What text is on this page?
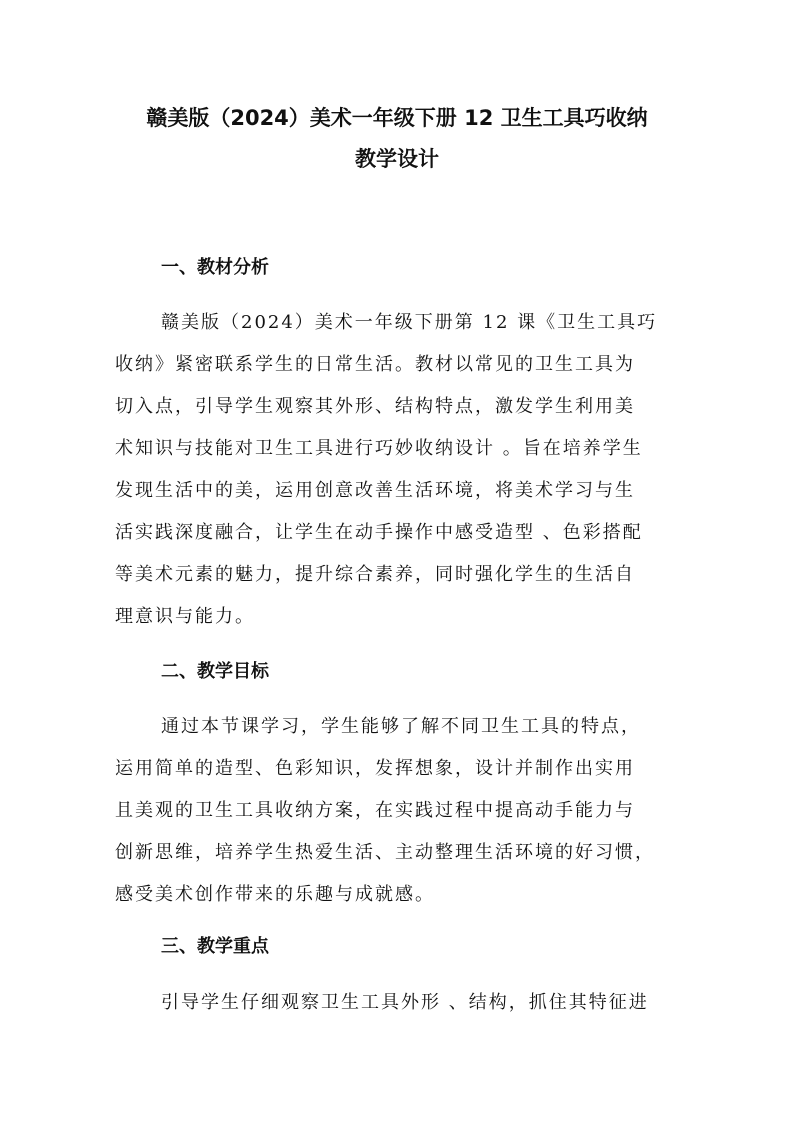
赣美版（2024）美术一年级下册 12 卫生工具巧收纳
教学设计
一、教材分析
赣美版（2024）美术一年级下册第 12 课《卫生工具巧
收纳》紧密联系学生的日常生活。教材以常见的卫生工具为
切入点，引导学生观察其外形、结构特点，激发学生利用美
术知识与技能对卫生工具进行巧妙收纳设计 。旨在培养学生
发现生活中的美，运用创意改善生活环境，将美术学习与生
活实践深度融合，让学生在动手操作中感受造型 、色彩搭配
等美术元素的魅力，提升综合素养，同时强化学生的生活自
理意识与能力。
二、教学目标
通过本节课学习，学生能够了解不同卫生工具的特点，
运用简单的造型、色彩知识，发挥想象，设计并制作出实用
且美观的卫生工具收纳方案，在实践过程中提高动手能力与
创新思维，培养学生热爱生活、主动整理生活环境的好习惯，
感受美术创作带来的乐趣与成就感。
三、教学重点
引导学生仔细观察卫生工具外形 、结构，抓住其特征进
